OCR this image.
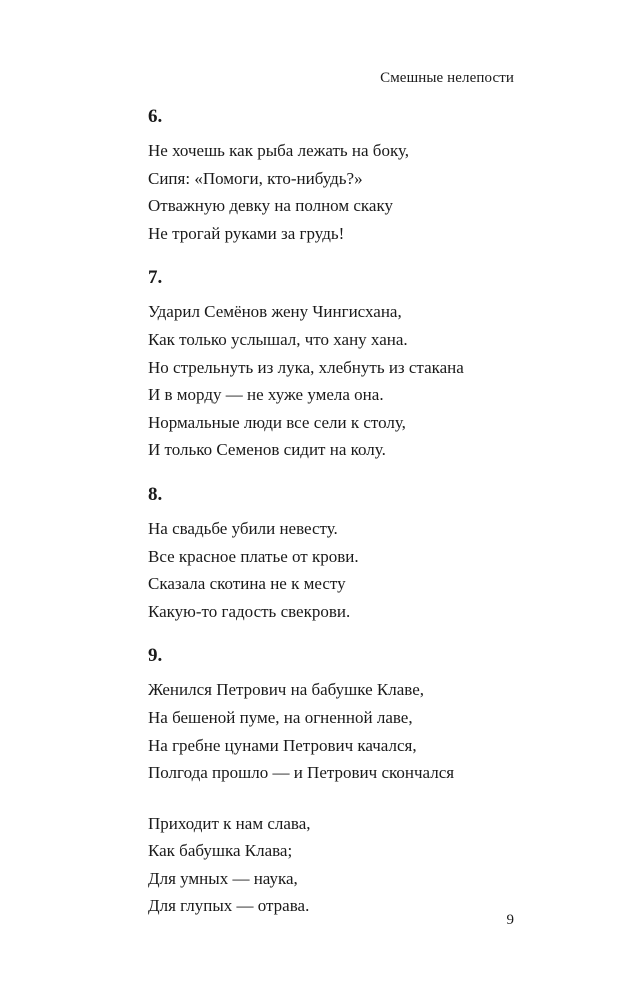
Смешные нелепости
6.
Не хочешь как рыба лежать на боку,
Сипя: «Помоги, кто-нибудь?»
Отважную девку на полном скаку
Не трогай руками за грудь!
7.
Ударил Семёнов жену Чингисхана,
Как только услышал, что хану хана.
Но стрельнуть из лука, хлебнуть из стакана
И в морду — не хуже умела она.
Нормальные люди все сели к столу,
И только Семенов сидит на колу.
8.
На свадьбе убили невесту.
Все красное платье от крови.
Сказала скотина не к месту
Какую-то гадость свекрови.
9.
Женился Петрович на бабушке Клаве,
На бешеной пуме, на огненной лаве,
На гребне цунами Петрович качался,
Полгода прошло — и Петрович скончался
Приходит к нам слава,
Как бабушка Клава;
Для умных — наука,
Для глупых — отрава.
9
